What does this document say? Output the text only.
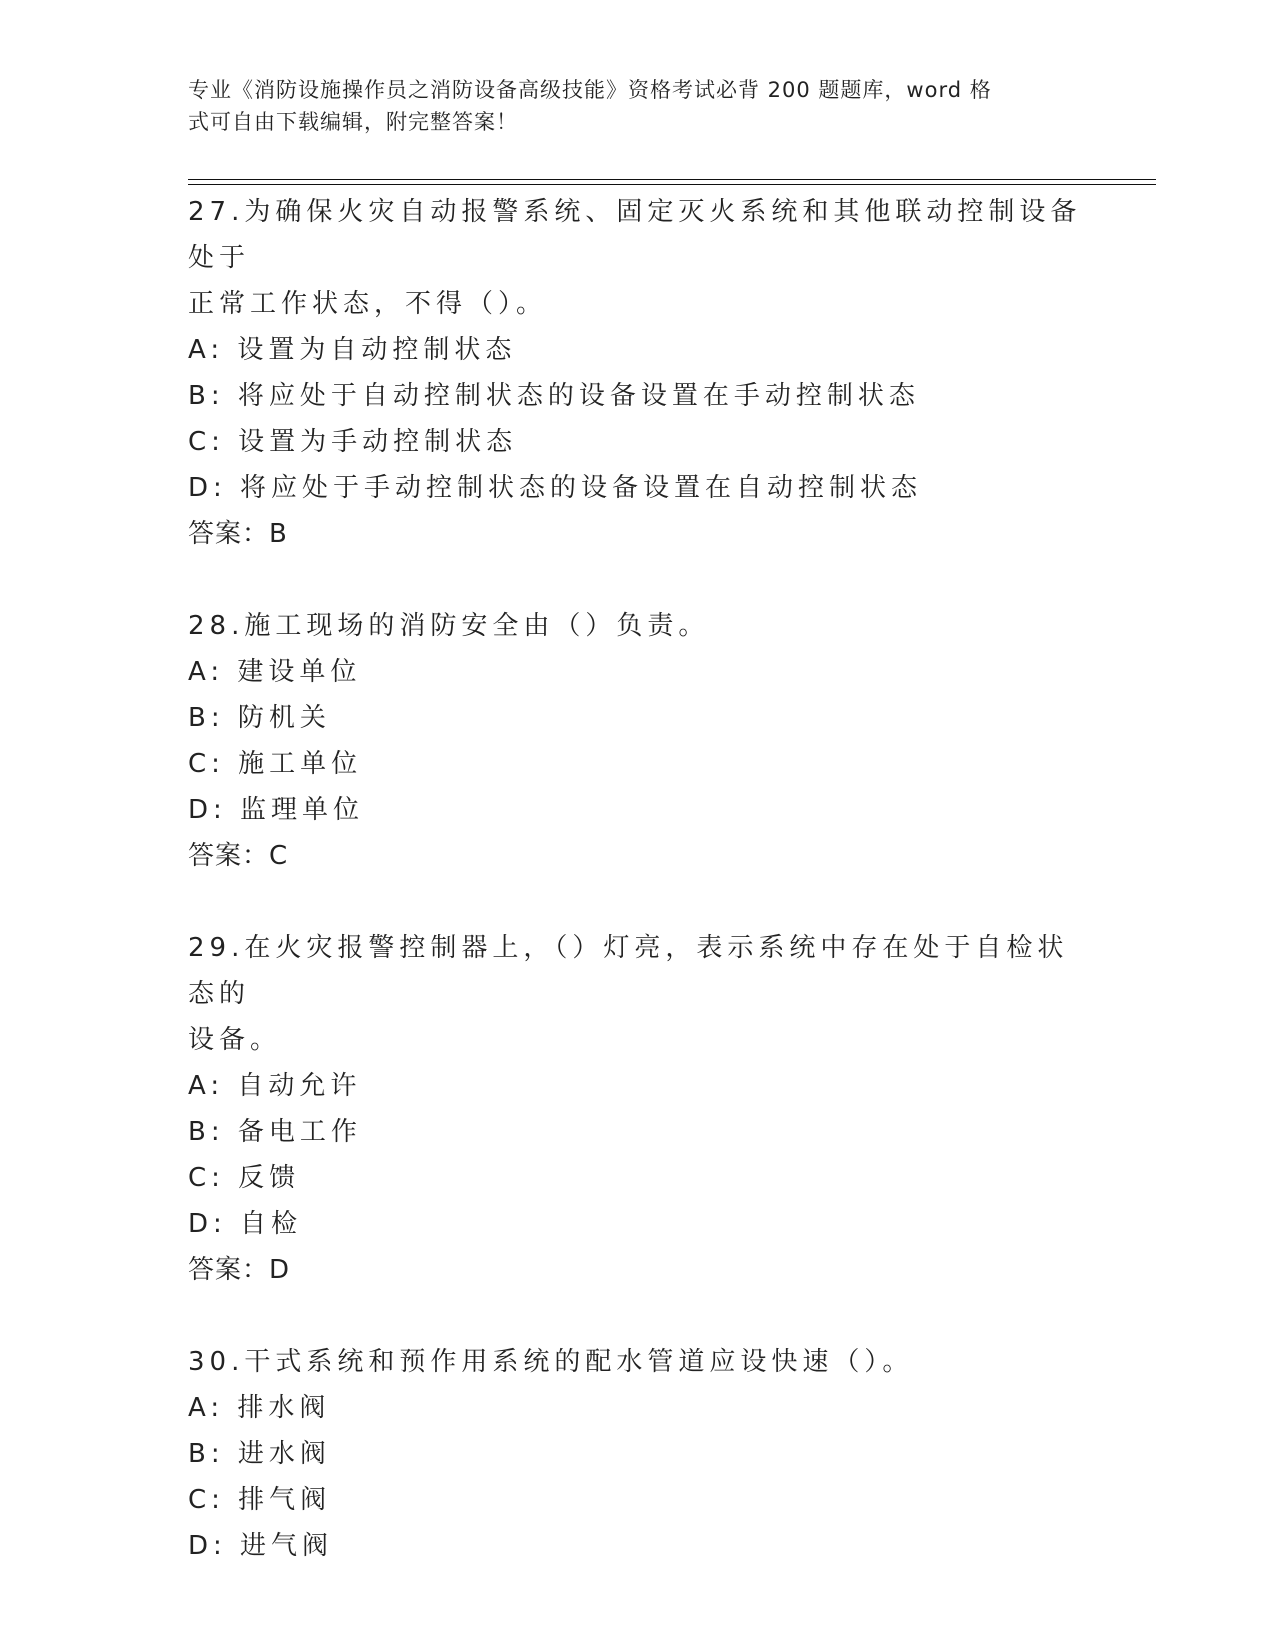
专业《消防设施操作员之消防设备高级技能》资格考试必背 200 题题库，word 格
式可自由下载编辑，附完整答案！
27.为确保火灾自动报警系统、固定灭火系统和其他联动控制设备处于
正常工作状态，不得（）。
A: 设置为自动控制状态
B: 将应处于自动控制状态的设备设置在手动控制状态
C: 设置为手动控制状态
D: 将应处于手动控制状态的设备设置在自动控制状态
答案：B
28.施工现场的消防安全由（）负责。
A: 建设单位
B: 防机关
C: 施工单位
D: 监理单位
答案：C
29.在火灾报警控制器上，（）灯亮，表示系统中存在处于自检状态的
设备。
A: 自动允许
B: 备电工作
C: 反馈
D: 自检
答案：D
30.干式系统和预作用系统的配水管道应设快速（）。
A: 排水阀
B: 进水阀
C: 排气阀
D: 进气阀
